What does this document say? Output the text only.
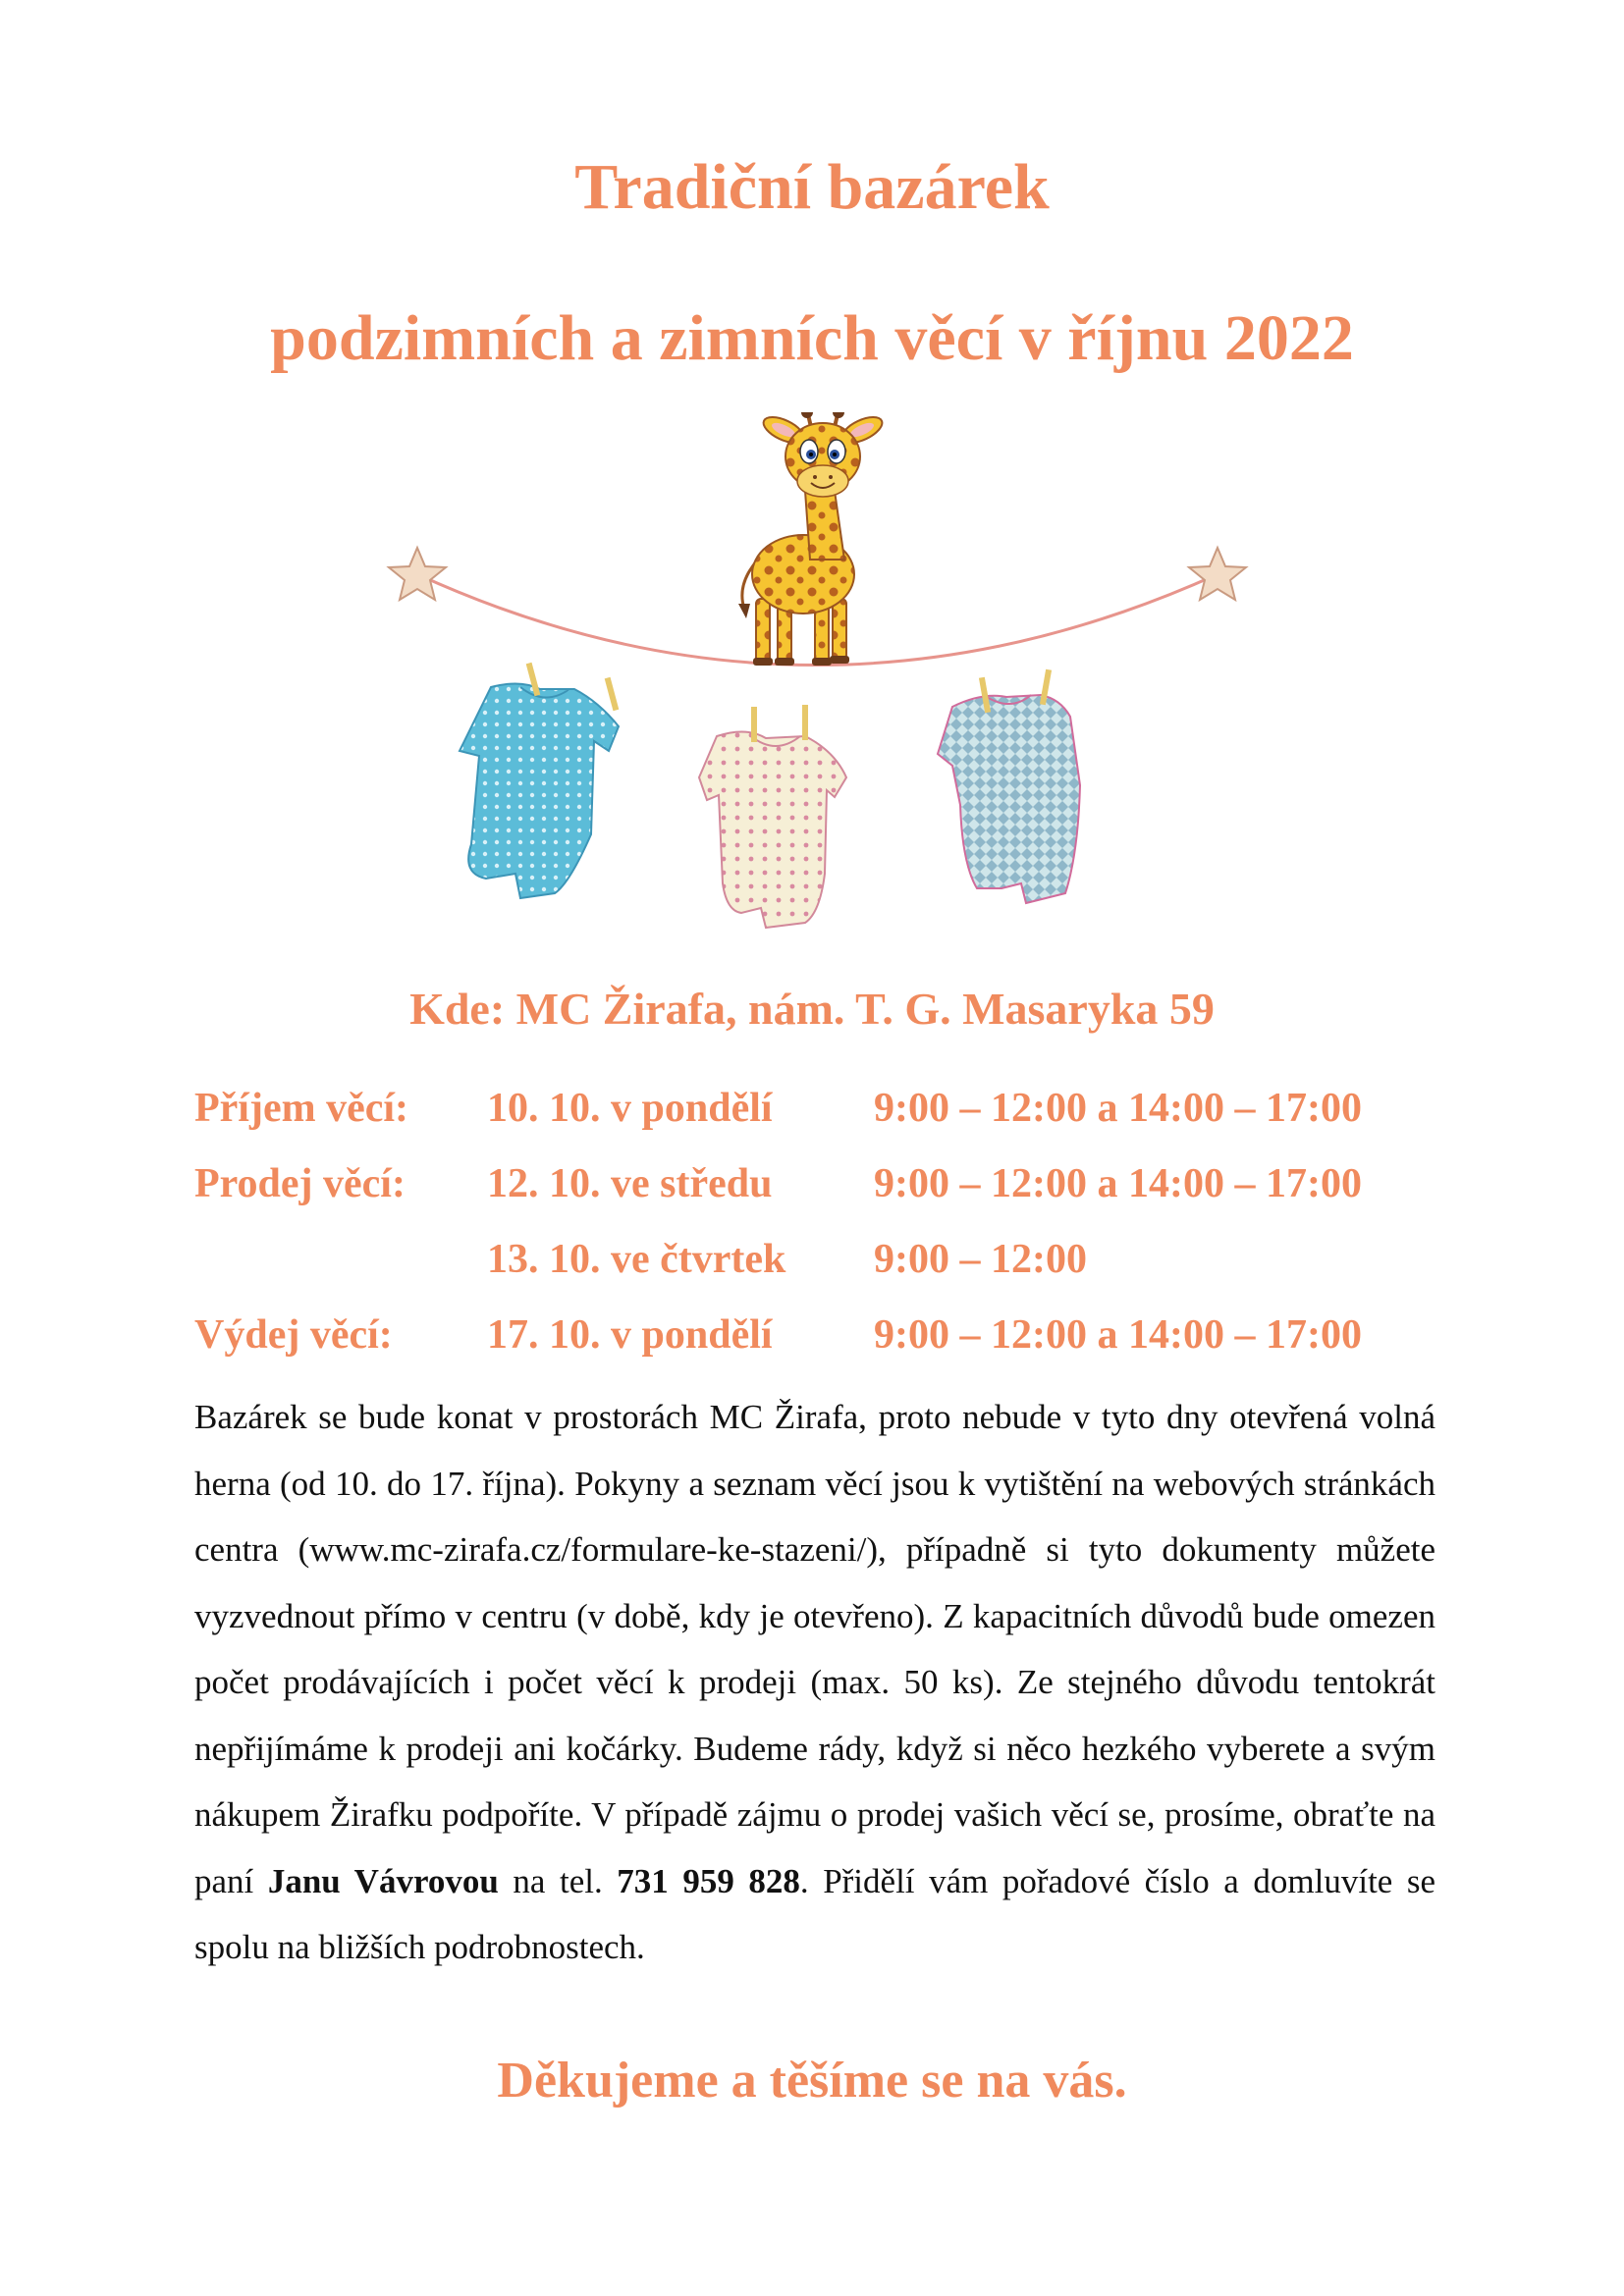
Tradiční bazárek
podzimních a zimních věcí v říjnu 2022
Kde: MC Žirafa, nám. T. G. Masaryka 59
Příjem věcí: 10. 10. v pondělí 9:00 – 12:00 a 14:00 – 17:00
Prodej věcí: 12. 10. ve středu 9:00 – 12:00 a 14:00 – 17:00
13. 10. ve čtvrtek 9:00 – 12:00
Výdej věcí: 17. 10. v pondělí 9:00 – 12:00 a 14:00 – 17:00
Bazárek se bude konat v prostorách MC Žirafa, proto nebude v tyto dny otevřená volná herna (od 10. do 17. října). Pokyny a seznam věcí jsou k vytištění na webových stránkách centra (www.mc-zirafa.cz/formulare-ke-stazeni/), případně si tyto dokumenty můžete vyzvednout přímo v centru (v době, kdy je otevřeno). Z kapacitních důvodů bude omezen počet prodávajících i počet věcí k prodeji (max. 50 ks). Ze stejného důvodu tentokrát nepřijímáme k prodeji ani kočárky. Budeme rády, když si něco hezkého vyberete a svým nákupem Žirafku podpoříte. V případě zájmu o prodej vašich věcí se, prosíme, obraťte na paní Janu Vávrovou na tel. 731 959 828. Přidělí vám pořadové číslo a domluvíte se spolu na bližších podrobnostech.
Děkujeme a těšíme se na vás.
